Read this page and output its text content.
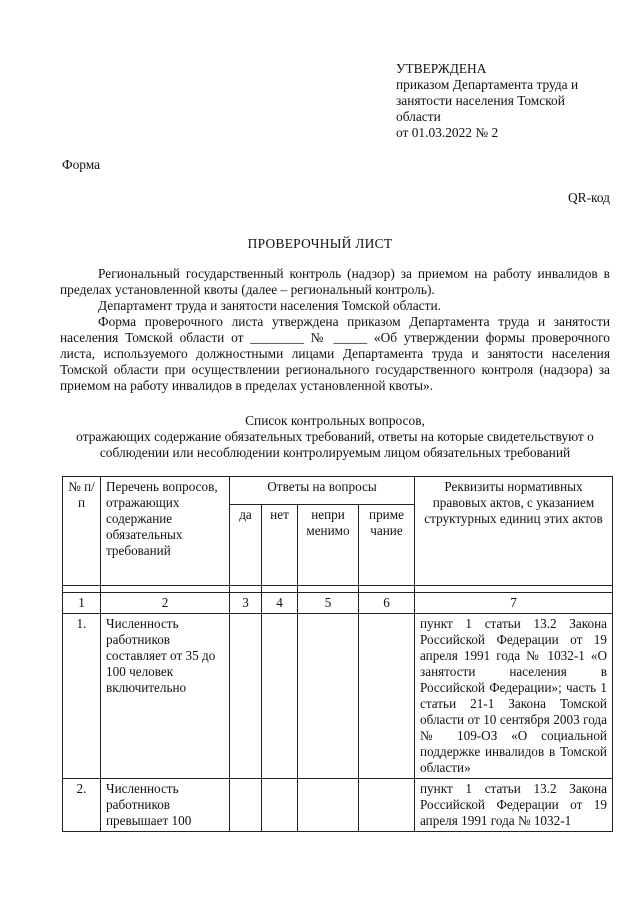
УТВЕРЖДЕНА
приказом Департамента труда и
занятости населения Томской
области
от 01.03.2022 № 2
Форма
QR-код
ПРОВЕРОЧНЫЙ ЛИСТ

Региональный государственный контроль (надзор) за приемом на работу инвалидов в пределах установленной квоты (далее – региональный контроль).

Департамент труда и занятости населения Томской области.

Форма проверочного листа утверждена приказом Департамента труда и занятости населения Томской области от ________ № _____ «Об утверждении формы проверочного листа, используемого должностными лицами Департамента труда и занятости населения Томской области при осуществлении регионального государственного контроля (надзора) за приемом на работу инвалидов в пределах установленной квоты».

Список контрольных вопросов,
отражающих содержание обязательных требований, ответы на которые свидетельствуют о
соблюдении или несоблюдении контролируемым лицом обязательных требований
№ п/п	Перечень вопросов, отражающих содержание обязательных требований	Ответы на вопросы				Реквизиты нормативных правовых актов, с указанием структурных единиц этих актов
		да	нет	непри менимо	приме чание	

1	2	3	4	5	6	7
1.	Численность работников составляет от 35 до 100 человек включительно					пункт 1 статьи 13.2 Закона Российской Федерации от 19 апреля 1991 года № 1032-1 «О занятости населения в Российской Федерации»; часть 1 статьи 21-1 Закона Томской области от 10 сентября 2003 года № 109-ОЗ «О социальной поддержке инвалидов в Томской области»
2.	Численность работников превышает 100					пункт 1 статьи 13.2 Закона Российской Федерации от 19 апреля 1991 года № 1032-1
